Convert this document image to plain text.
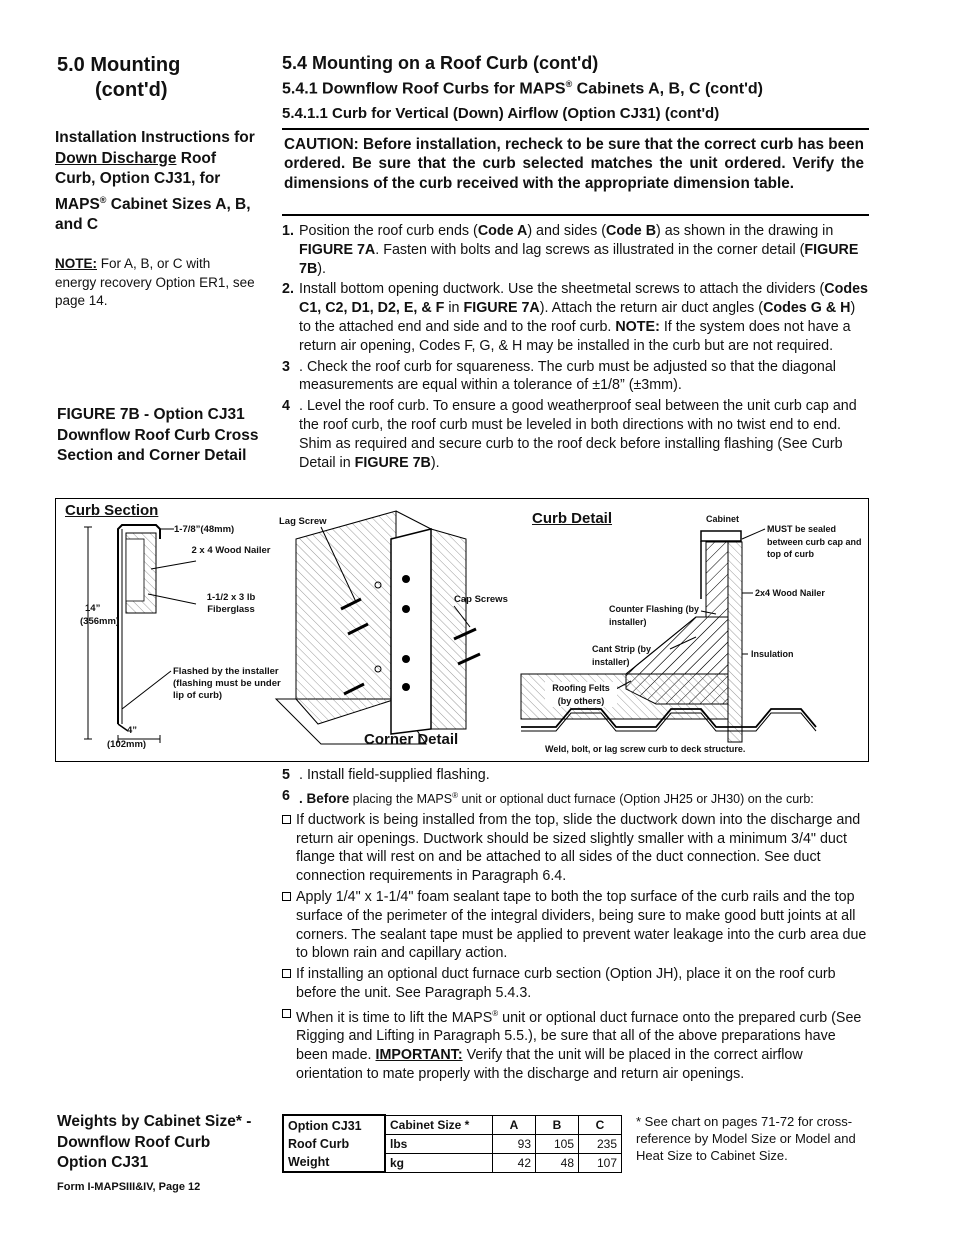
5.0 Mounting
(cont'd)
Installation Instructions for Down Discharge Roof Curb, Option CJ31, for MAPS® Cabinet Sizes A, B, and C
NOTE: For A, B, or C with energy recovery Option ER1, see page 14.
FIGURE 7B - Option CJ31 Downflow Roof Curb Cross Section and Corner Detail
Weights by Cabinet Size* - Downflow Roof Curb Option CJ31
Form I-MAPSIII&IV, Page 12
5.4 Mounting on a Roof Curb (cont'd)
5.4.1 Downflow Roof Curbs for MAPS® Cabinets A, B, C (cont'd)
5.4.1.1 Curb for Vertical (Down) Airflow (Option CJ31) (cont'd)
CAUTION: Before installation, recheck to be sure that the correct curb has been ordered. Be sure that the curb selected matches the unit ordered. Verify the dimensions of the curb received with the appropriate dimension table.
1. Position the roof curb ends (Code A) and sides (Code B) as shown in the drawing in FIGURE 7A. Fasten with bolts and lag screws as illustrated in the corner detail (FIGURE 7B).
2. Install bottom opening ductwork. Use the sheetmetal screws to attach the dividers (Codes C1, C2, D1, D2, E, & F in FIGURE 7A). Attach the return air duct angles (Codes G & H) to the attached end and side and to the roof curb. NOTE: If the system does not have a return air opening, Codes F, G, & H may be installed in the curb but are not required.
3 . Check the roof curb for squareness. The curb must be adjusted so that the diagonal measurements are equal within a tolerance of ±1/8” (±3mm).
4 . Level the roof curb. To ensure a good weatherproof seal between the unit curb cap and the roof curb, the roof curb must be leveled in both directions with no twist end to end. Shim as required and secure curb to the roof deck before installing flashing (See Curb Detail in FIGURE 7B).
Curb Section
1-7/8”(48mm)
2 x 4 Wood Nailer
1-1/2 x 3 lb Fiberglass
14”
(356mm)
Flashed by the installer (flashing must be under lip of curb)
4”
(102mm)
Lag Screw
Cap Screws
Corner Detail
Curb Detail	Cabinet
MUST be sealed between curb cap and top of curb
2x4 Wood Nailer
Counter Flashing (by installer)
Cant Strip (by installer)
Insulation
Roofing Felts (by others)
Weld, bolt, or lag screw curb to deck structure.
5 . Install field-supplied flashing.
6 . Before placing the MAPS® unit or optional duct furnace (Option JH25 or JH30) on the curb:
If ductwork is being installed from the top, slide the ductwork down into the discharge and return air openings. Ductwork should be sized slightly smaller with a minimum 3/4" duct flange that will rest on and be attached to all sides of the duct connection. See duct connection requirements in Paragraph 6.4.
Apply 1/4" x 1-1/4" foam sealant tape to both the top surface of the curb rails and the top surface of the perimeter of the integral dividers, being sure to make good butt joints at all corners. The sealant tape must be applied to prevent water leakage into the curb area due to blown rain and capillary action.
If installing an optional duct furnace curb section (Option JH), place it on the roof curb before the unit. See Paragraph 5.4.3.
When it is time to lift the MAPS® unit or optional duct furnace onto the prepared curb (See Rigging and Lifting in Paragraph 5.5.), be sure that all of the above preparations have been made. IMPORTANT: Verify that the unit will be placed in the correct airflow orientation to mate properly with the discharge and return air openings.
Option CJ31 Roof Curb Weight	Cabinet Size *	A	B	C
	lbs	93	105	235
	kg	42	48	107
* See chart on pages 71-72 for cross-reference by Model Size or Model and Heat Size to Cabinet Size.
